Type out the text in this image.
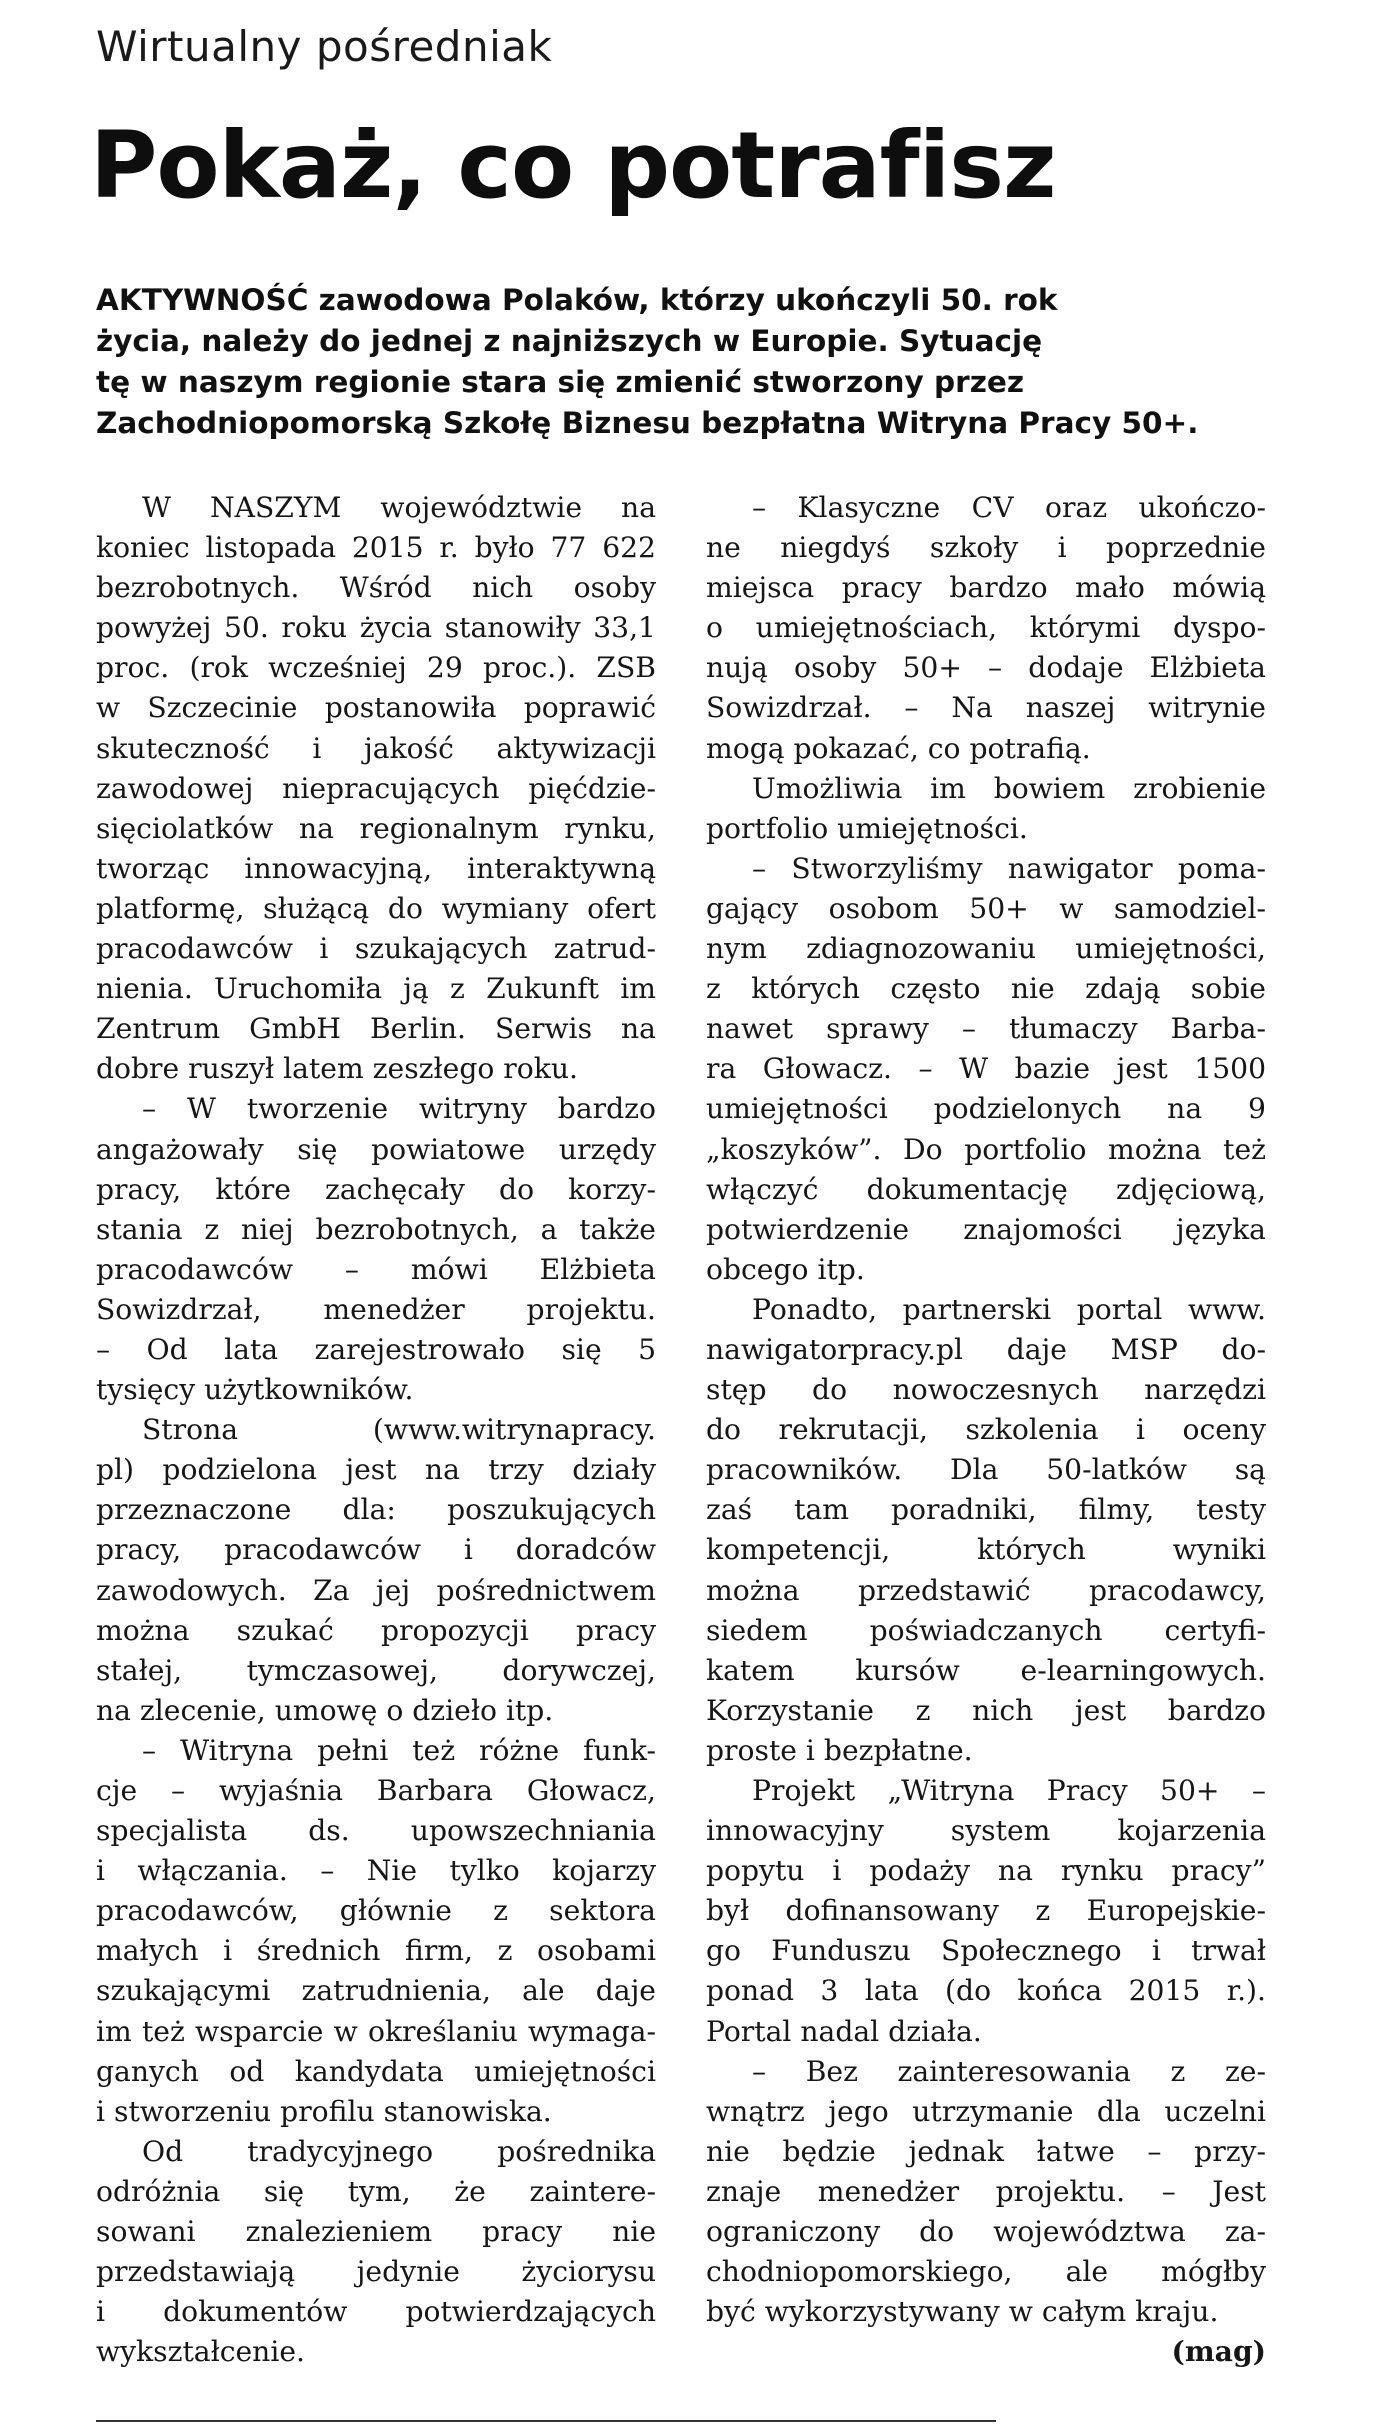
Wirtualny pośredniak
Pokaż, co potrafisz
AKTYWNOŚĆ zawodowa Polaków, którzy ukończyli 50. rok
życia, należy do jednej z najniższych w Europie. Sytuację
tę w naszym regionie stara się zmienić stworzony przez
Zachodniopomorską Szkołę Biznesu bezpłatna Witryna Pracy 50+.
W NASZYM województwie na
koniec listopada 2015 r. było 77 622
bezrobotnych. Wśród nich osoby
powyżej 50. roku życia stanowiły 33,1
proc. (rok wcześniej 29 proc.). ZSB
w Szczecinie postanowiła poprawić
skuteczność i jakość aktywizacji
zawodowej niepracujących pięćdzie-
sięciolatków na regionalnym rynku,
tworząc innowacyjną, interaktywną
platformę, służącą do wymiany ofert
pracodawców i szukających zatrud-
nienia. Uruchomiła ją z Zukunft im
Zentrum GmbH Berlin. Serwis na
dobre ruszył latem zeszłego roku.
– W tworzenie witryny bardzo
angażowały się powiatowe urzędy
pracy, które zachęcały do korzy-
stania z niej bezrobotnych, a także
pracodawców – mówi Elżbieta
Sowizdrzał, menedżer projektu.
– Od lata zarejestrowało się 5
tysięcy użytkowników.
Strona (www.witrynapracy.
pl) podzielona jest na trzy działy
przeznaczone dla: poszukujących
pracy, pracodawców i doradców
zawodowych. Za jej pośrednictwem
można szukać propozycji pracy
stałej, tymczasowej, dorywczej,
na zlecenie, umowę o dzieło itp.
– Witryna pełni też różne funk-
cje – wyjaśnia Barbara Głowacz,
specjalista ds. upowszechniania
i włączania. – Nie tylko kojarzy
pracodawców, głównie z sektora
małych i średnich firm, z osobami
szukającymi zatrudnienia, ale daje
im też wsparcie w określaniu wymaga-
ganych od kandydata umiejętności
i stworzeniu profilu stanowiska.
Od tradycyjnego pośrednika
odróżnia się tym, że zaintere-
sowani znalezieniem pracy nie
przedstawiają jedynie życiorysu
i dokumentów potwierdzających
wykształcenie.
– Klasyczne CV oraz ukończo-
ne niegdyś szkoły i poprzednie
miejsca pracy bardzo mało mówią
o umiejętnościach, którymi dyspo-
nują osoby 50+ – dodaje Elżbieta
Sowizdrzał. – Na naszej witrynie
mogą pokazać, co potrafią.
Umożliwia im bowiem zrobienie
portfolio umiejętności.
– Stworzyliśmy nawigator poma-
gający osobom 50+ w samodziel-
nym zdiagnozowaniu umiejętności,
z których często nie zdają sobie
nawet sprawy – tłumaczy Barba-
ra Głowacz. – W bazie jest 1500
umiejętności podzielonych na 9
„koszyków”. Do portfolio można też
włączyć dokumentację zdjęciową,
potwierdzenie znajomości języka
obcego itp.
Ponadto, partnerski portal www.
nawigatorpracy.pl daje MSP do-
stęp do nowoczesnych narzędzi
do rekrutacji, szkolenia i oceny
pracowników. Dla 50-latków są
zaś tam poradniki, filmy, testy
kompetencji, których wyniki
można przedstawić pracodawcy,
siedem poświadczanych certyfi-
katem kursów e-learningowych.
Korzystanie z nich jest bardzo
proste i bezpłatne.
Projekt „Witryna Pracy 50+ –
innowacyjny system kojarzenia
popytu i podaży na rynku pracy”
był dofinansowany z Europejskie-
go Funduszu Społecznego i trwał
ponad 3 lata (do końca 2015 r.).
Portal nadal działa.
– Bez zainteresowania z ze-
wnątrz jego utrzymanie dla uczelni
nie będzie jednak łatwe – przy-
znaje menedżer projektu. – Jest
ograniczony do województwa za-
chodniopomorskiego, ale mógłby
być wykorzystywany w całym kraju.
(mag)
